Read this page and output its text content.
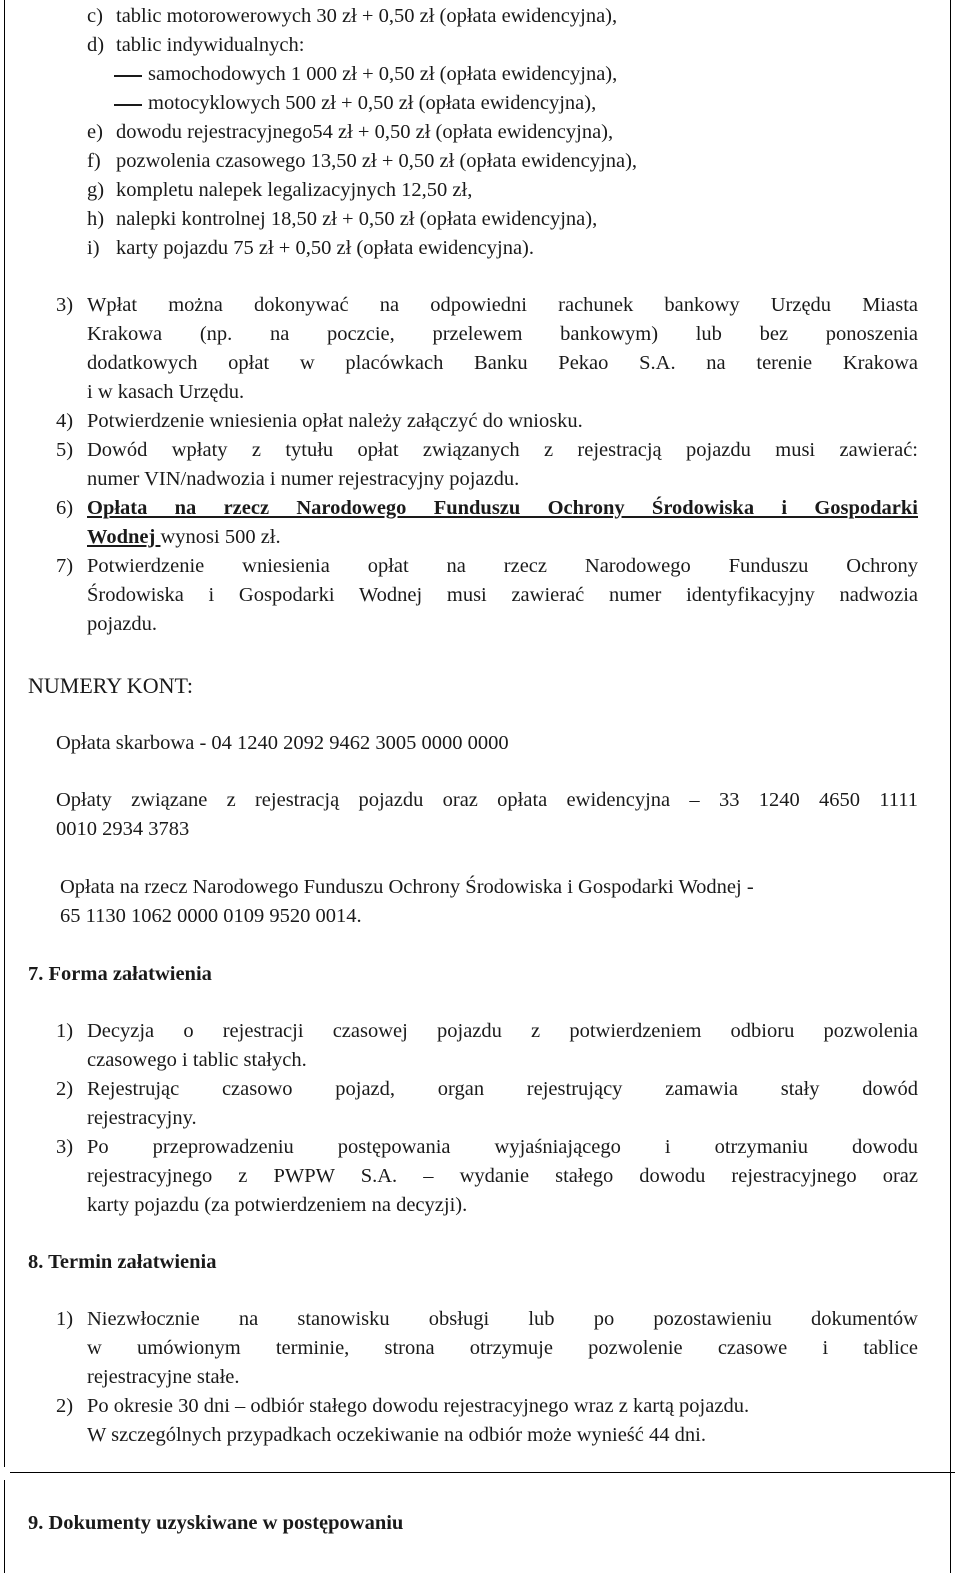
c) tablic motorowerowych 30 zł + 0,50 zł (opłata ewidencyjna),
d) tablic indywidualnych:
samochodowych 1 000 zł + 0,50 zł (opłata ewidencyjna),
motocyklowych 500 zł + 0,50 zł (opłata ewidencyjna),
e) dowodu rejestracyjnego54 zł + 0,50 zł (opłata ewidencyjna),
f) pozwolenia czasowego 13,50 zł + 0,50 zł (opłata ewidencyjna),
g) kompletu nalepek legalizacyjnych 12,50 zł,
h) nalepki kontrolnej 18,50 zł + 0,50 zł (opłata ewidencyjna),
i) karty pojazdu 75 zł + 0,50 zł (opłata ewidencyjna).
3) Wpłat można dokonywać na odpowiedni rachunek bankowy Urzędu Miasta
Krakowa (np. na poczcie, przelewem bankowym) lub bez ponoszenia
dodatkowych opłat w placówkach Banku Pekao S.A. na terenie Krakowa
i w kasach Urzędu.
4) Potwierdzenie wniesienia opłat należy załączyć do wniosku.
5) Dowód wpłaty z tytułu opłat związanych z rejestracją pojazdu musi zawierać:
numer VIN/nadwozia i numer rejestracyjny pojazdu.
6) Opłata na rzecz Narodowego Funduszu Ochrony Środowiska i Gospodarki
Wodnej wynosi 500 zł.
7) Potwierdzenie wniesienia opłat na rzecz Narodowego Funduszu Ochrony
Środowiska i Gospodarki Wodnej musi zawierać numer identyfikacyjny nadwozia
pojazdu.
NUMERY KONT:
Opłata skarbowa - 04 1240 2092 9462 3005 0000 0000
Opłaty związane z rejestracją pojazdu oraz opłata ewidencyjna – 33 1240 4650 1111
0010 2934 3783
Opłata na rzecz Narodowego Funduszu Ochrony Środowiska i Gospodarki Wodnej -
65 1130 1062 0000 0109 9520 0014.
7. Forma załatwienia
1) Decyzja o rejestracji czasowej pojazdu z potwierdzeniem odbioru pozwolenia
czasowego i tablic stałych.
2) Rejestrując czasowo pojazd, organ rejestrujący zamawia stały dowód
rejestracyjny.
3) Po przeprowadzeniu postępowania wyjaśniającego i otrzymaniu dowodu
rejestracyjnego z PWPW S.A. – wydanie stałego dowodu rejestracyjnego oraz
karty pojazdu (za potwierdzeniem na decyzji).
8. Termin załatwienia
1) Niezwłocznie na stanowisku obsługi lub po pozostawieniu dokumentów
w umówionym terminie, strona otrzymuje pozwolenie czasowe i tablice
rejestracyjne stałe.
2) Po okresie 30 dni – odbiór stałego dowodu rejestracyjnego wraz z kartą pojazdu.
W szczególnych przypadkach oczekiwanie na odbiór może wynieść 44 dni.
9. Dokumenty uzyskiwane w postępowaniu
